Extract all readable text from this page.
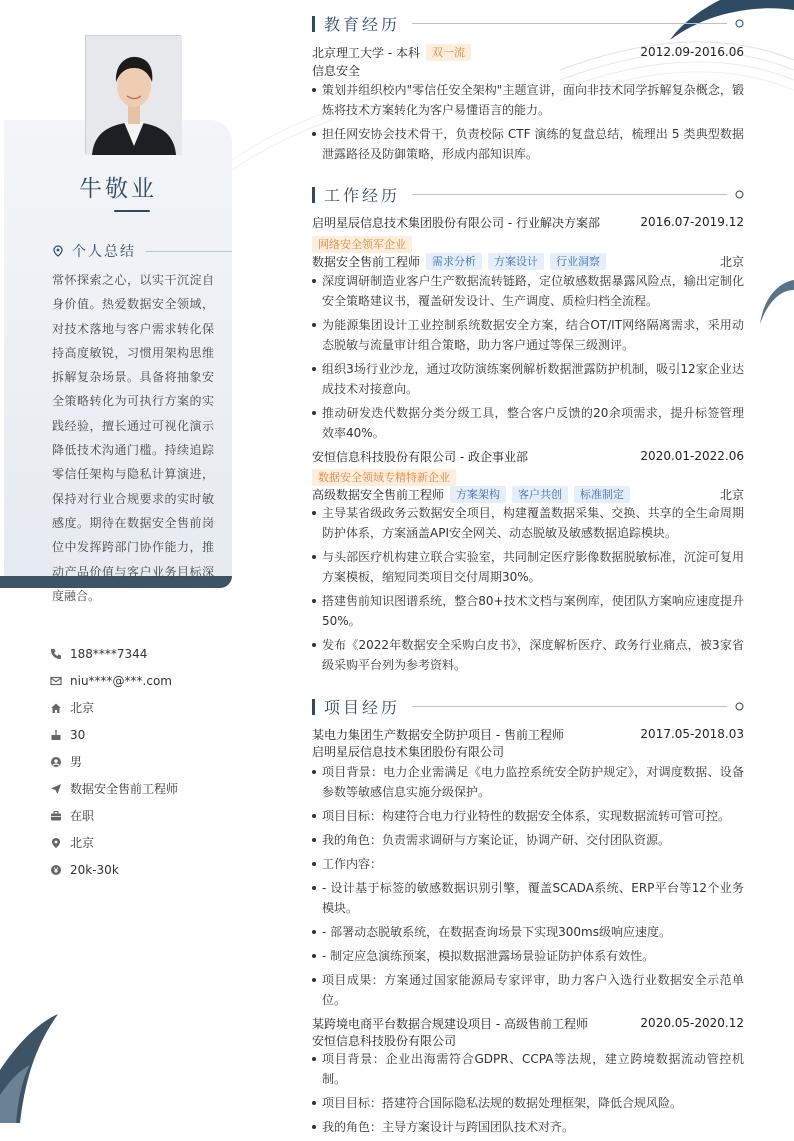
牛敬业
个人总结
常怀探索之心，以实干沉淀自身价值。热爱数据安全领域，对技术落地与客户需求转化保持高度敏锐，习惯用架构思维拆解复杂场景。具备将抽象安全策略转化为可执行方案的实践经验，擅长通过可视化演示降低技术沟通门槛。持续追踪零信任架构与隐私计算演进，保持对行业合规要求的实时敏感度。期待在数据安全售前岗位中发挥跨部门协作能力，推动产品价值与客户业务目标深度融合。
188****7344
niu****@***.com
北京
30
男
数据安全售前工程师
在职
北京
20k-30k
教育经历
北京理工大学 - 本科	双一流	2012.09-2016.06
信息安全
策划并组织校内"零信任安全架构"主题宣讲，面向非技术同学拆解复杂概念，锻炼将技术方案转化为客户易懂语言的能力。
担任网安协会技术骨干，负责校际 CTF 演练的复盘总结，梳理出 5 类典型数据泄露路径及防御策略，形成内部知识库。
工作经历
启明星辰信息技术集团股份有限公司 - 行业解决方案部	2016.07-2019.12
网络安全领军企业
数据安全售前工程师	需求分析	方案设计	行业洞察	北京
深度调研制造业客户生产数据流转链路，定位敏感数据暴露风险点，输出定制化安全策略建议书，覆盖研发设计、生产调度、质检归档全流程。
为能源集团设计工业控制系统数据安全方案，结合OT/IT网络隔离需求，采用动态脱敏与流量审计组合策略，助力客户通过等保三级测评。
组织3场行业沙龙，通过攻防演练案例解析数据泄露防护机制，吸引12家企业达成技术对接意向。
推动研发迭代数据分类分级工具，整合客户反馈的20余项需求，提升标签管理效率40%。
安恒信息科技股份有限公司 - 政企事业部	2020.01-2022.06
数据安全领域专精特新企业
高级数据安全售前工程师	方案架构	客户共创	标准制定	北京
主导某省级政务云数据安全项目，构建覆盖数据采集、交换、共享的全生命周期防护体系，方案涵盖API安全网关、动态脱敏及敏感数据追踪模块。
与头部医疗机构建立联合实验室，共同制定医疗影像数据脱敏标准，沉淀可复用方案模板，缩短同类项目交付周期30%。
搭建售前知识图谱系统，整合80+技术文档与案例库，使团队方案响应速度提升50%。
发布《2022年数据安全采购白皮书》，深度解析医疗、政务行业痛点，被3家省级采购平台列为参考资料。
项目经历
某电力集团生产数据安全防护项目 - 售前工程师	2017.05-2018.03
启明星辰信息技术集团股份有限公司
项目背景：电力企业需满足《电力监控系统安全防护规定》，对调度数据、设备参数等敏感信息实施分级保护。
项目目标：构建符合电力行业特性的数据安全体系，实现数据流转可管可控。
我的角色：负责需求调研与方案论证，协调产研、交付团队资源。
工作内容：
- 设计基于标签的敏感数据识别引擎，覆盖SCADA系统、ERP平台等12个业务模块。
- 部署动态脱敏系统，在数据查询场景下实现300ms级响应速度。
- 制定应急演练预案，模拟数据泄露场景验证防护体系有效性。
项目成果：方案通过国家能源局专家评审，助力客户入选行业数据安全示范单位。
某跨境电商平台数据合规建设项目 - 高级售前工程师	2020.05-2020.12
安恒信息科技股份有限公司
项目背景：企业出海需符合GDPR、CCPA等法规，建立跨境数据流动管控机制。
项目目标：搭建符合国际隐私法规的数据处理框架，降低合规风险。
我的角色：主导方案设计与跨国团队技术对齐。
